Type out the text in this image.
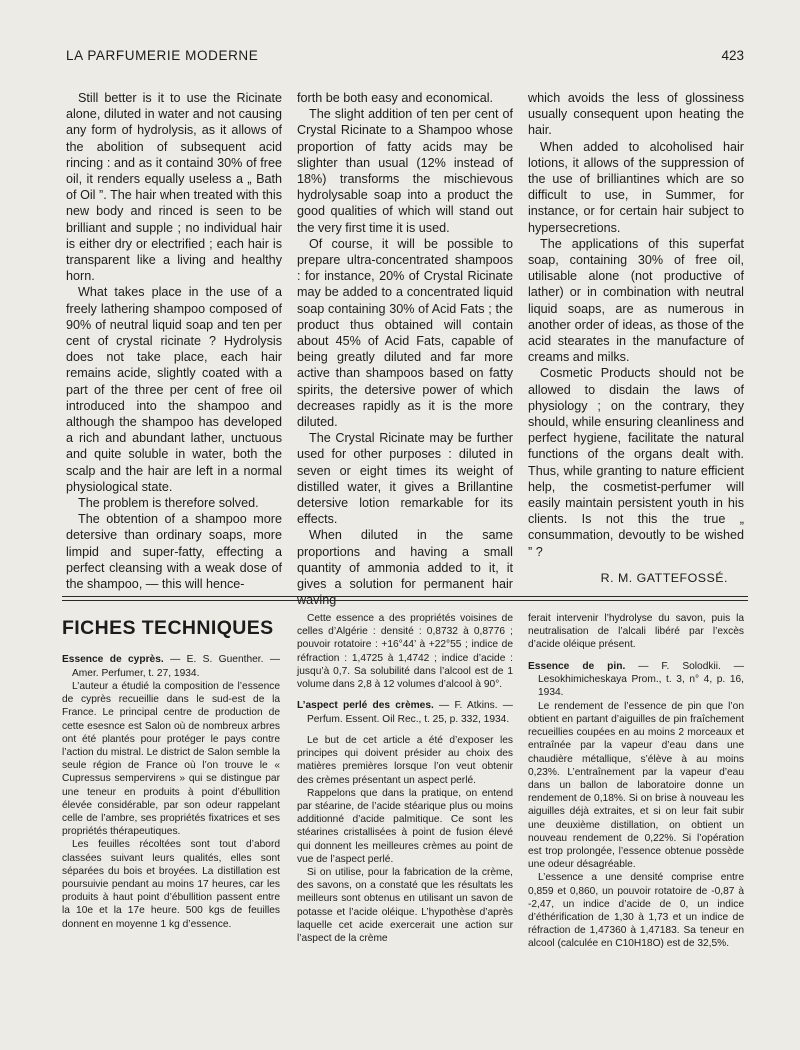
LA PARFUMERIE MODERNE	423

Still better is it to use the Ricinate alone, diluted in water and not causing any form of hydrolysis, as it allows of the abolition of subsequent acid rincing : and as it containd 30% of free oil, it renders equally useless a „ Bath of Oil ”. The hair when treated with this new body and rinced is seen to be brilliant and supple ; no individual hair is either dry or electrified ; each hair is transparent like a living and healthy horn.

What takes place in the use of a freely lathering shampoo composed of 90% of neutral liquid soap and ten per cent of crystal ricinate ? Hydrolysis does not take place, each hair remains acide, slightly coated with a part of the three per cent of free oil introduced into the shampoo and although the shampoo has developed a rich and abundant lather, unctuous and quite soluble in water, both the scalp and the hair are left in a normal physiological state.

The problem is therefore solved.

The obtention of a shampoo more detersive than ordinary soaps, more limpid and super-fatty, effecting a perfect cleansing with a weak dose of the shampoo, — this will hence-

forth be both easy and economical.

The slight addition of ten per cent of Crystal Ricinate to a Shampoo whose proportion of fatty acids may be slighter than usual (12% instead of 18%) transforms the mischievous hydrolysable soap into a product the good qualities of which will stand out the very first time it is used.

Of course, it will be possible to prepare ultra-concentrated shampoos : for instance, 20% of Crystal Ricinate may be added to a concentrated liquid soap containing 30% of Acid Fats ; the product thus obtained will contain about 45% of Acid Fats, capable of being greatly diluted and far more active than shampoos based on fatty spirits, the detersive power of which decreases rapidly as it is the more diluted.

The Crystal Ricinate may be further used for other purposes : diluted in seven or eight times its weight of distilled water, it gives a Brillantine detersive lotion remarkable for its effects.

When diluted in the same proportions and having a small quantity of ammonia added to it, it gives a solution for permanent hair waving

which avoids the less of glossiness usually consequent upon heating the hair.

When added to alcoholised hair lotions, it allows of the suppression of the use of brilliantines which are so difficult to use, in Summer, for instance, or for certain hair subject to hypersecretions.

The applications of this superfat soap, containing 30% of free oil, utilisable alone (not productive of lather) or in combination with neutral liquid soaps, are as numerous in another order of ideas, as those of the acid stearates in the manufacture of creams and milks.

Cosmetic Products should not be allowed to disdain the laws of physiology ; on the contrary, they should, while ensuring cleanliness and perfect hygiene, facilitate the natural functions of the organs dealt with. Thus, while granting to nature efficient help, the cosmetist-perfumer will easily maintain persistent youth in his clients. Is not this the true „ consummation, devoutly to be wished ” ?

R. M. GATTEFOSSÉ.
FICHES TECHNIQUES

Essence de cyprès. — E. S. Guenther. — Amer. Perfumer, t. 27, 1934.

L’auteur a étudié la composition de l’essence de cyprès recueillie dans le sud-est de la France. Le principal centre de production de cette esesnce est Salon où de nombreux arbres ont été plantés pour protéger le pays contre l’action du mistral. Le district de Salon semble la seule région de France où l’on trouve le « Cupressus sempervirens » qui se distingue par une teneur en produits à point d’ébullition élevée considérable, par son odeur rappelant celle de l’ambre, ses propriétés fixatrices et ses propriétés thérapeutiques.

Les feuilles récoltées sont tout d’abord classées suivant leurs qualités, elles sont séparées du bois et broyées. La distillation est poursuivie pendant au moins 17 heures, car les produits à haut point d’ébullition passent entre la 10e et la 17e heure. 500 kgs de feuilles donnent en moyenne 1 kg d’essence.

Cette essence a des propriétés voisines de celles d’Algérie : densité : 0,8732 à 0,8776 ; pouvoir rotatoire : +16°44’ à +22°55 ; indice de réfraction : 1,4725 à 1,4742 ; indice d’acide : jusqu’à 0,7. Sa solubilité dans l’alcool est de 1 volume dans 2,8 à 12 volumes d’alcool à 90°.

L’aspect perlé des crèmes. — F. Atkins. — Perfum. Essent. Oil Rec., t. 25, p. 332, 1934.

Le but de cet article a été d’exposer les principes qui doivent présider au choix des matières premières lorsque l’on veut obtenir des crèmes présentant un aspect perlé.

Rappelons que dans la pratique, on entend par stéarine, de l’acide stéarique plus ou moins additionné d’acide palmitique. Ce sont les stéarines cristallisées à point de fusion élevé qui donnent les meilleures crèmes au point de vue de l’aspect perlé.

Si on utilise, pour la fabrication de la crème, des savons, on a constaté que les résultats les meilleurs sont obtenus en utilisant un savon de potasse et l’acide oléique. L’hypothèse d’après laquelle cet acide exercerait une action sur l’aspect de la crème

ferait intervenir l’hydrolyse du savon, puis la neutralisation de l’alcali libéré par l’excès d’acide oléique présent.

Essence de pin. — F. Solodkii. — Lesokhimicheskaya Prom., t. 3, n° 4, p. 16, 1934.

Le rendement de l’essence de pin que l’on obtient en partant d’aiguilles de pin fraîchement recueillies coupées en au moins 2 morceaux et entraînée par la vapeur d’eau dans une chaudière métallique, s’élève à au moins 0,23%. L’entraînement par la vapeur d’eau dans un ballon de laboratoire donne un rendement de 0,18%. Si on brise à nouveau les aiguilles déjà extraites, et si on leur fait subir une deuxième distillation, on obtient un nouveau rendement de 0,22%. Si l’opération est trop prolongée, l’essence obtenue possède une odeur désagréable.

L’essence a une densité comprise entre 0,859 et 0,860, un pouvoir rotatoire de -0,87 à -2,47, un indice d’acide de 0, un indice d’éthérification de 1,30 à 1,73 et un indice de réfraction de 1,47360 à 1,47183. Sa teneur en alcool (calculée en C10H18O) est de 32,5%.
